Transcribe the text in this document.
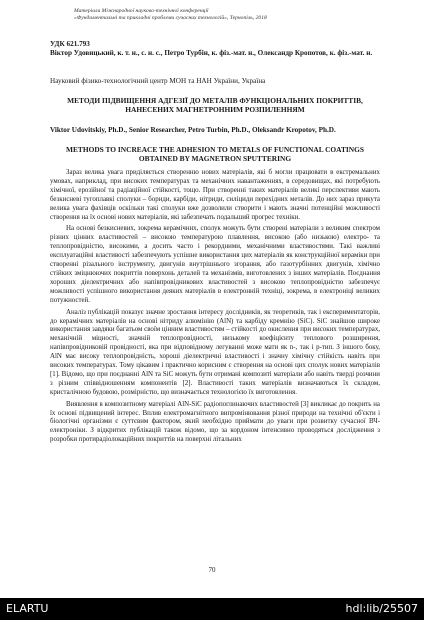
Матеріали Міжнародної науково-технічної конференції
«Фундаментальні та прикладні проблеми сучасних технологій», Тернопіль, 2018
УДК 621.793
Віктор Удовицький, к. т. н., с. н. с., Петро Турбін, к. фіз.-мат. н., Олександр Кропотов, к. фіз.-мат. н.
Науковий фізико-технологічний центр МОН та НАН України, Україна
МЕТОДИ ПІДВИЩЕННЯ АДГЕЗІЇ ДО МЕТАЛІВ ФУНКЦІОНАЛЬНИХ ПОКРИТТІВ, НАНЕСЕНИХ МАГНЕТРОННИМ РОЗПИЛЕННЯМ
Viktor Udovitskiy, Ph.D., Senior Researcher, Petro Turbin, Ph.D., Oleksandr Kropotov, Ph.D.
METHODS TO INCREACE THE ADHESION TO METALS OF FUNCTIONAL COATINGS OBTAINED BY MAGNETRON SPUTTERING

Зараз велика увага приділяється створенню нових матеріалів, які б могли працювати в екстремальних умовах, наприклад, при високих температурах та механічних навантаженнях, в середовищах, які потребують хімічної, ерозійної та радіаційної стійкості, тощо. При створенні таких матеріалів великі перспективи мають безкисневі тугоплавкі сполуки – бориди, карбіди, нітриди, силіциди перехідних металів. До них зараз прикута велика увага фахівців оскільки такі сполуки вже дозволили створити і мають значні потенційні можливості створення на їх основі нових матеріалів, які забезпечать подальший прогрес техніки.

На основі безкисневих, зокрема керамічних, сполук можуть бути створені матеріали з великим спектром різних цінних властивостей – високою температурою плавлення, високою (або низькою) електро- та теплопровідністю, високими, а досить часто і рекордними, механічними властивостями. Такі важливі експлуатаційні властивості забезпечують успішне використання цих матеріалів як конструкційної кераміки при створенні різального інструменту, двигунів внутрішнього згорання, або газотурбінних двигунів, хімічно стійких зміцнюючих покриттів поверхонь деталей та механізмів, виготовлених з інших матеріалів. Поєднання хороших діелектричних або напівпровідникових властивостей з високою теплопровідністю забезпечує можливості успішного використання деяких матеріалів в електронній техніці, зокрема, в електроніці великих потужностей.

Аналіз публікацій показує значне зростання інтересу дослідників, як теоретиків, так і експериментаторів, до керамічних матеріалів на основі нітриду алюмінію (AlN) та карбіду кремнію (SiC). SiC знайшов широке використання завдяки багатьом своїм цінним властивостям – стійкості до окислення при високих температурах, механічній міцності, значній теплопровідності, низькому коефіцієнту теплового розширення, напівпровідниковій провідності, яка при відповідному легуванні може мати як n-, так і p-тип. З іншого боку, AlN має високу теплопровідність, хороші діелектричні властивості і значну хімічну стійкість навіть при високих температурах. Тому цікавим і практично корисним є створення на основі цих сполук нових матеріалів [1]. Відомо, що при поєднанні AlN та SiC можуть бути отримані композиті матеріали або навіть тверді розчини з різним співвідношенням компонентів [2]. Властивості таких матеріалів визначаються їх складом, кристалічною будовою, розмірністю, що визначається технологією їх виготовлення.

Виявлення в композитному матеріалі AlN-SiC радіопоглинаючих властивостей [3] викликає до покрить на їх основі підвищений інтерес. Вплив електромагнітного випромінювання різної природи на технічні об'єкти і біологічні організми є суттєвим фактором, який необхідно приймати до уваги при розвитку сучасної ВЧ-електроніки. З відкритих публікацій також відомо, що за кордоном інтенсивно проводяться дослідження з розробки протирадіолокаційних покриттів на поверхні літальних

70
ELARTU	hdl:lib/25507
